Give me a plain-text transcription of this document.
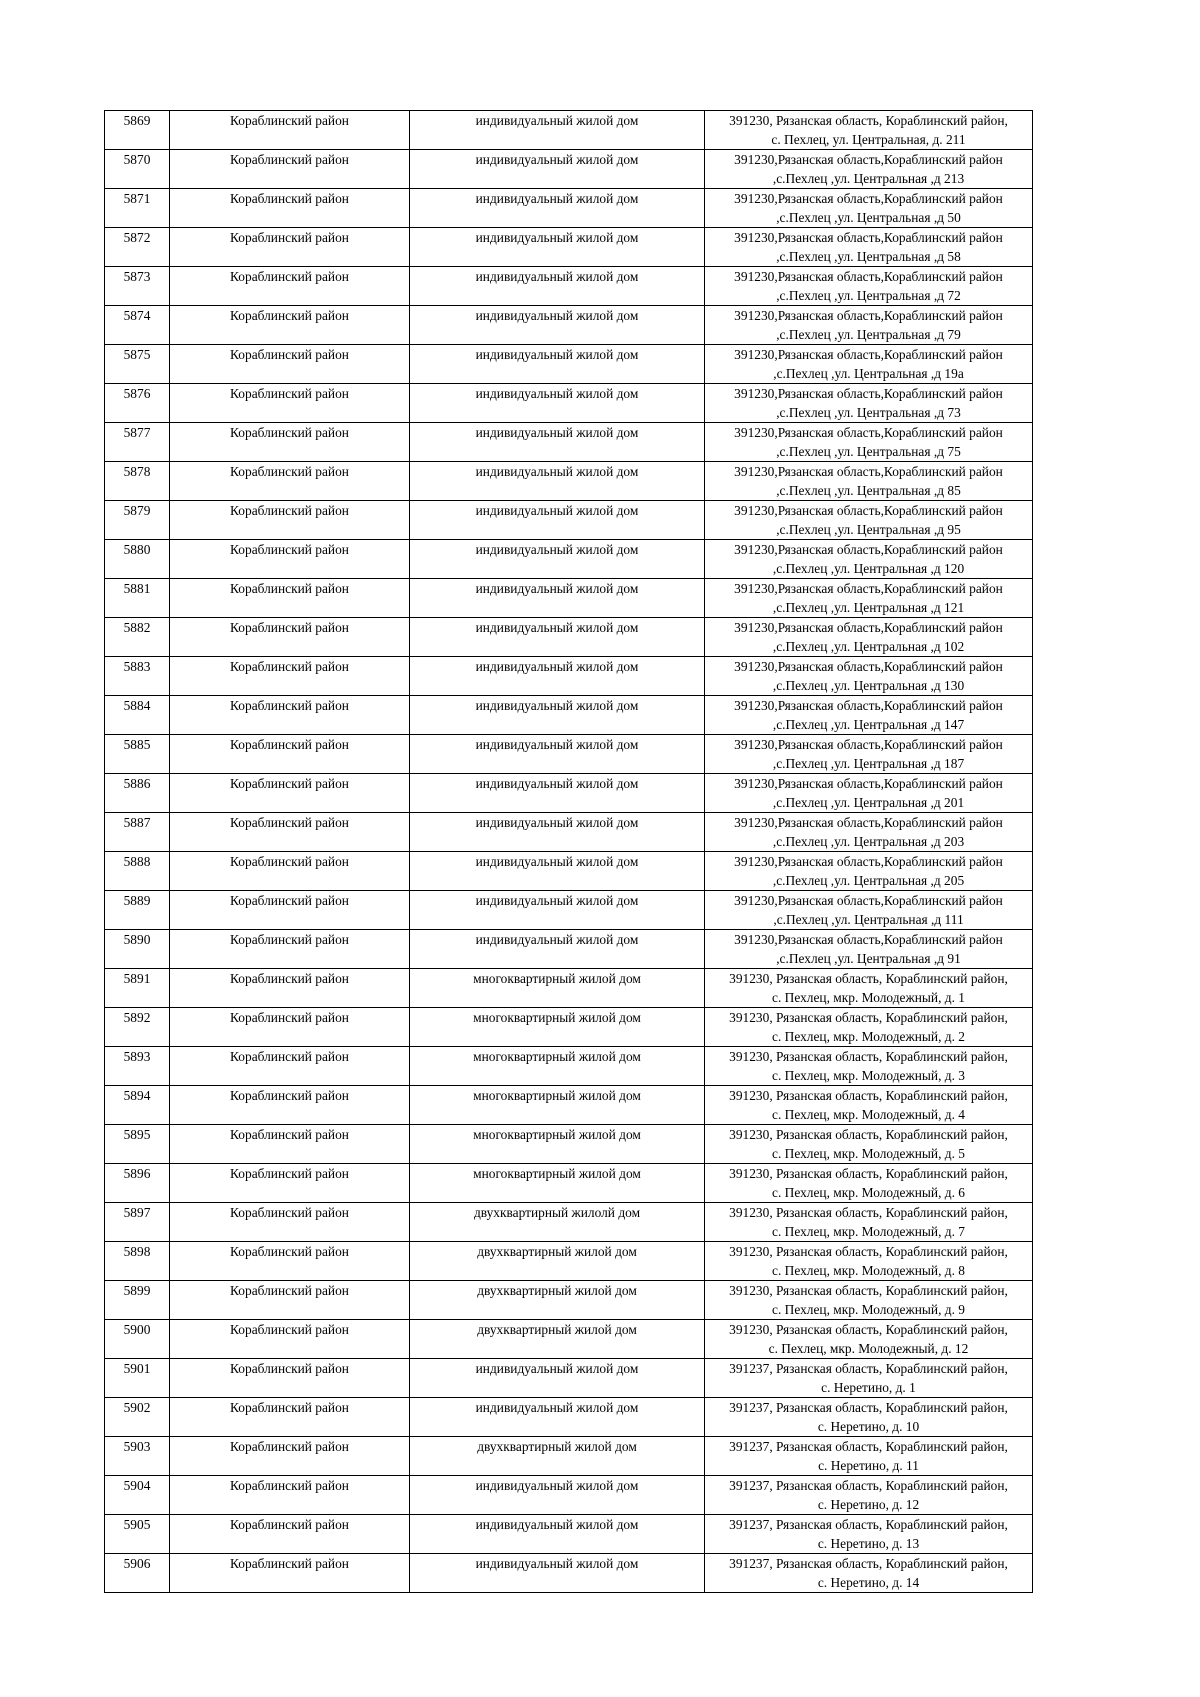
5869	Кораблинский район	индивидуальный жилой дом	391230, Рязанская область, Кораблинский район,
с. Пехлец, ул. Центральная, д. 211

5870	Кораблинский район	индивидуальный жилой дом	391230,Рязанская область,Кораблинский район
,с.Пехлец ,ул. Центральная ,д 213

5871	Кораблинский район	индивидуальный жилой дом	391230,Рязанская область,Кораблинский район
,с.Пехлец ,ул. Центральная ,д 50

5872	Кораблинский район	индивидуальный жилой дом	391230,Рязанская область,Кораблинский район
,с.Пехлец ,ул. Центральная ,д 58

5873	Кораблинский район	индивидуальный жилой дом	391230,Рязанская область,Кораблинский район
,с.Пехлец ,ул. Центральная ,д 72

5874	Кораблинский район	индивидуальный жилой дом	391230,Рязанская область,Кораблинский район
,с.Пехлец ,ул. Центральная ,д 79

5875	Кораблинский район	индивидуальный жилой дом	391230,Рязанская область,Кораблинский район
,с.Пехлец ,ул. Центральная ,д 19а

5876	Кораблинский район	индивидуальный жилой дом	391230,Рязанская область,Кораблинский район
,с.Пехлец ,ул. Центральная ,д 73

5877	Кораблинский район	индивидуальный жилой дом	391230,Рязанская область,Кораблинский район
,с.Пехлец ,ул. Центральная ,д 75

5878	Кораблинский район	индивидуальный жилой дом	391230,Рязанская область,Кораблинский район
,с.Пехлец ,ул. Центральная ,д 85

5879	Кораблинский район	индивидуальный жилой дом	391230,Рязанская область,Кораблинский район
,с.Пехлец ,ул. Центральная ,д 95

5880	Кораблинский район	индивидуальный жилой дом	391230,Рязанская область,Кораблинский район
,с.Пехлец ,ул. Центральная ,д 120

5881	Кораблинский район	индивидуальный жилой дом	391230,Рязанская область,Кораблинский район
,с.Пехлец ,ул. Центральная ,д 121

5882	Кораблинский район	индивидуальный жилой дом	391230,Рязанская область,Кораблинский район
,с.Пехлец ,ул. Центральная ,д 102

5883	Кораблинский район	индивидуальный жилой дом	391230,Рязанская область,Кораблинский район
,с.Пехлец ,ул. Центральная ,д 130

5884	Кораблинский район	индивидуальный жилой дом	391230,Рязанская область,Кораблинский район
,с.Пехлец ,ул. Центральная ,д 147

5885	Кораблинский район	индивидуальный жилой дом	391230,Рязанская область,Кораблинский район
,с.Пехлец ,ул. Центральная ,д 187

5886	Кораблинский район	индивидуальный жилой дом	391230,Рязанская область,Кораблинский район
,с.Пехлец ,ул. Центральная ,д 201

5887	Кораблинский район	индивидуальный жилой дом	391230,Рязанская область,Кораблинский район
,с.Пехлец ,ул. Центральная ,д 203

5888	Кораблинский район	индивидуальный жилой дом	391230,Рязанская область,Кораблинский район
,с.Пехлец ,ул. Центральная ,д 205

5889	Кораблинский район	индивидуальный жилой дом	391230,Рязанская область,Кораблинский район
,с.Пехлец ,ул. Центральная ,д 111

5890	Кораблинский район	индивидуальный жилой дом	391230,Рязанская область,Кораблинский район
,с.Пехлец ,ул. Центральная ,д 91

5891	Кораблинский район	многоквартирный жилой дом	391230, Рязанская область, Кораблинский район,
с. Пехлец, мкр. Молодежный, д. 1

5892	Кораблинский район	многоквартирный жилой дом	391230, Рязанская область, Кораблинский район,
с. Пехлец, мкр. Молодежный, д. 2

5893	Кораблинский район	многоквартирный жилой дом	391230, Рязанская область, Кораблинский район,
с. Пехлец, мкр. Молодежный, д. 3

5894	Кораблинский район	многоквартирный жилой дом	391230, Рязанская область, Кораблинский район,
с. Пехлец, мкр. Молодежный, д. 4

5895	Кораблинский район	многоквартирный жилой дом	391230, Рязанская область, Кораблинский район,
с. Пехлец, мкр. Молодежный, д. 5

5896	Кораблинский район	многоквартирный жилой дом	391230, Рязанская область, Кораблинский район,
с. Пехлец, мкр. Молодежный, д. 6

5897	Кораблинский район	двухквартирный жилолй дом	391230, Рязанская область, Кораблинский район,
с. Пехлец, мкр. Молодежный, д. 7

5898	Кораблинский район	двухквартирный жилой дом	391230, Рязанская область, Кораблинский район,
с. Пехлец, мкр. Молодежный, д. 8

5899	Кораблинский район	двухквартирный жилой дом	391230, Рязанская область, Кораблинский район,
с. Пехлец, мкр. Молодежный, д. 9

5900	Кораблинский район	двухквартирный жилой дом	391230, Рязанская область, Кораблинский район,
с. Пехлец, мкр. Молодежный, д. 12

5901	Кораблинский район	индивидуальный жилой дом	391237, Рязанская область, Кораблинский район,
с. Неретино, д. 1

5902	Кораблинский район	индивидуальный жилой дом	391237, Рязанская область, Кораблинский район,
с. Неретино, д. 10

5903	Кораблинский район	двухквартирный жилой дом	391237, Рязанская область, Кораблинский район,
с. Неретино, д. 11

5904	Кораблинский район	индивидуальный жилой дом	391237, Рязанская область, Кораблинский район,
с. Неретино, д. 12

5905	Кораблинский район	индивидуальный жилой дом	391237, Рязанская область, Кораблинский район,
с. Неретино, д. 13

5906	Кораблинский район	индивидуальный жилой дом	391237, Рязанская область, Кораблинский район,
с. Неретино, д. 14
